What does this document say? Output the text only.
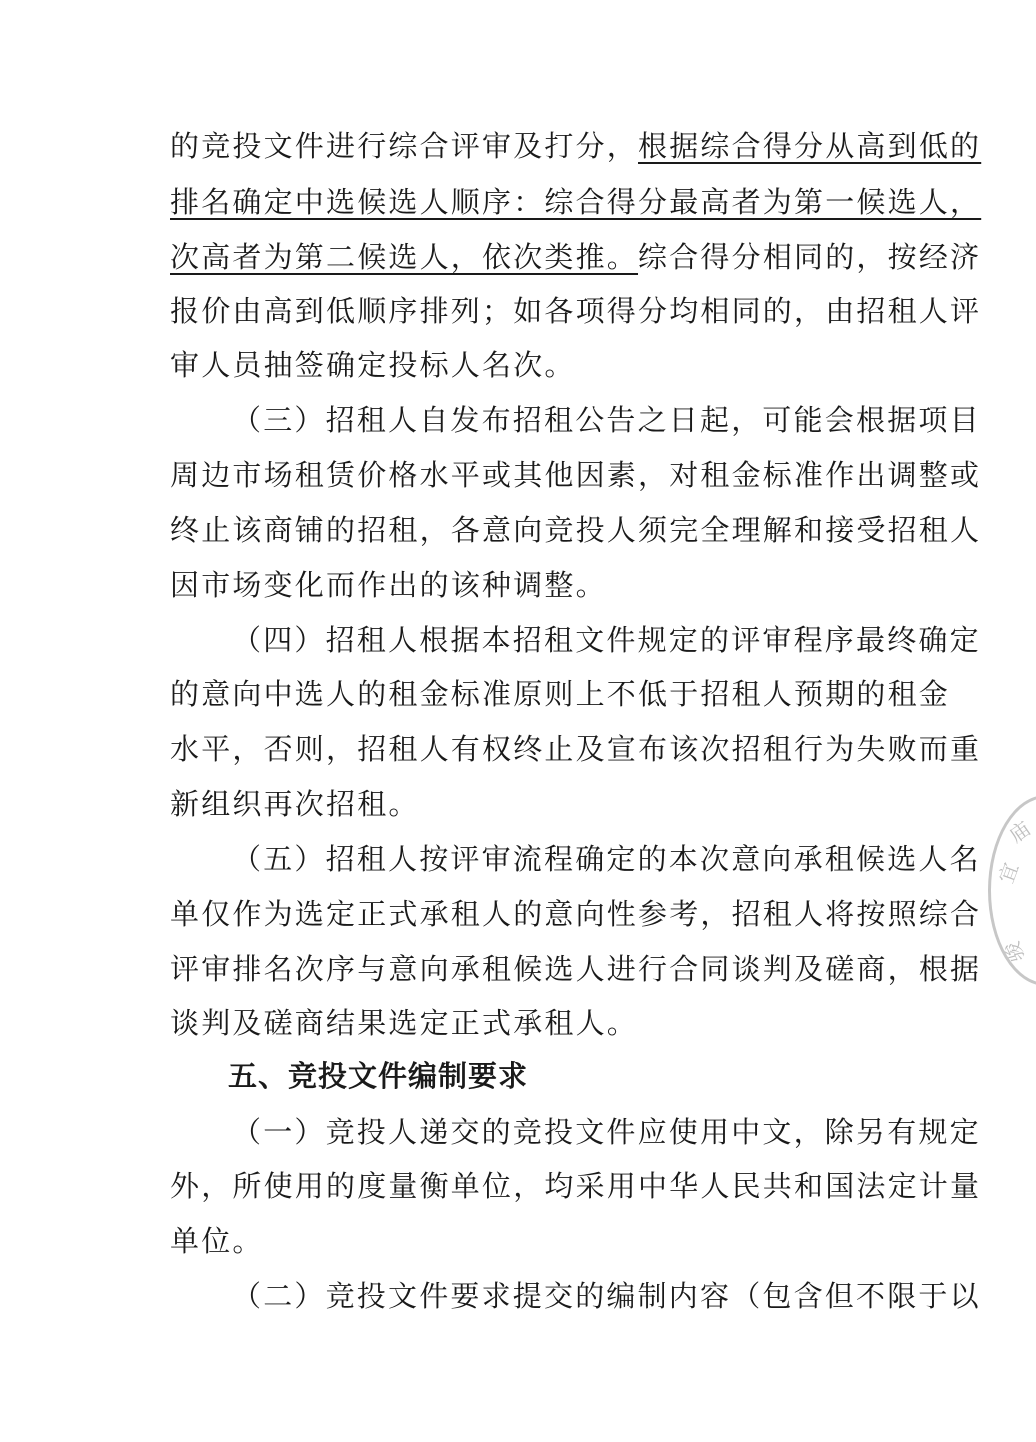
的竞投文件进行综合评审及打分，根据综合得分从高到低的
排名确定中选候选人顺序：综合得分最高者为第一候选人，
次高者为第二候选人，依次类推。综合得分相同的，按经济
报价由高到低顺序排列；如各项得分均相同的，由招租人评
审人员抽签确定投标人名次。
（三）招租人自发布招租公告之日起，可能会根据项目
周边市场租赁价格水平或其他因素，对租金标准作出调整或
终止该商铺的招租，各意向竞投人须完全理解和接受招租人
因市场变化而作出的该种调整。
（四）招租人根据本招租文件规定的评审程序最终确定
的意向中选人的租金标准原则上不低于招租人预期的租金
水平，否则，招租人有权终止及宣布该次招租行为失败而重
新组织再次招租。
（五）招租人按评审流程确定的本次意向承租候选人名
单仅作为选定正式承租人的意向性参考，招租人将按照综合
评审排名次序与意向承租候选人进行合同谈判及磋商，根据
谈判及磋商结果选定正式承租人。
五、竞投文件编制要求
（一）竞投人递交的竞投文件应使用中文，除另有规定
外，所使用的度量衡单位，均采用中华人民共和国法定计量
单位。
（二）竞投文件要求提交的编制内容（包含但不限于以
庙
宜
骏
